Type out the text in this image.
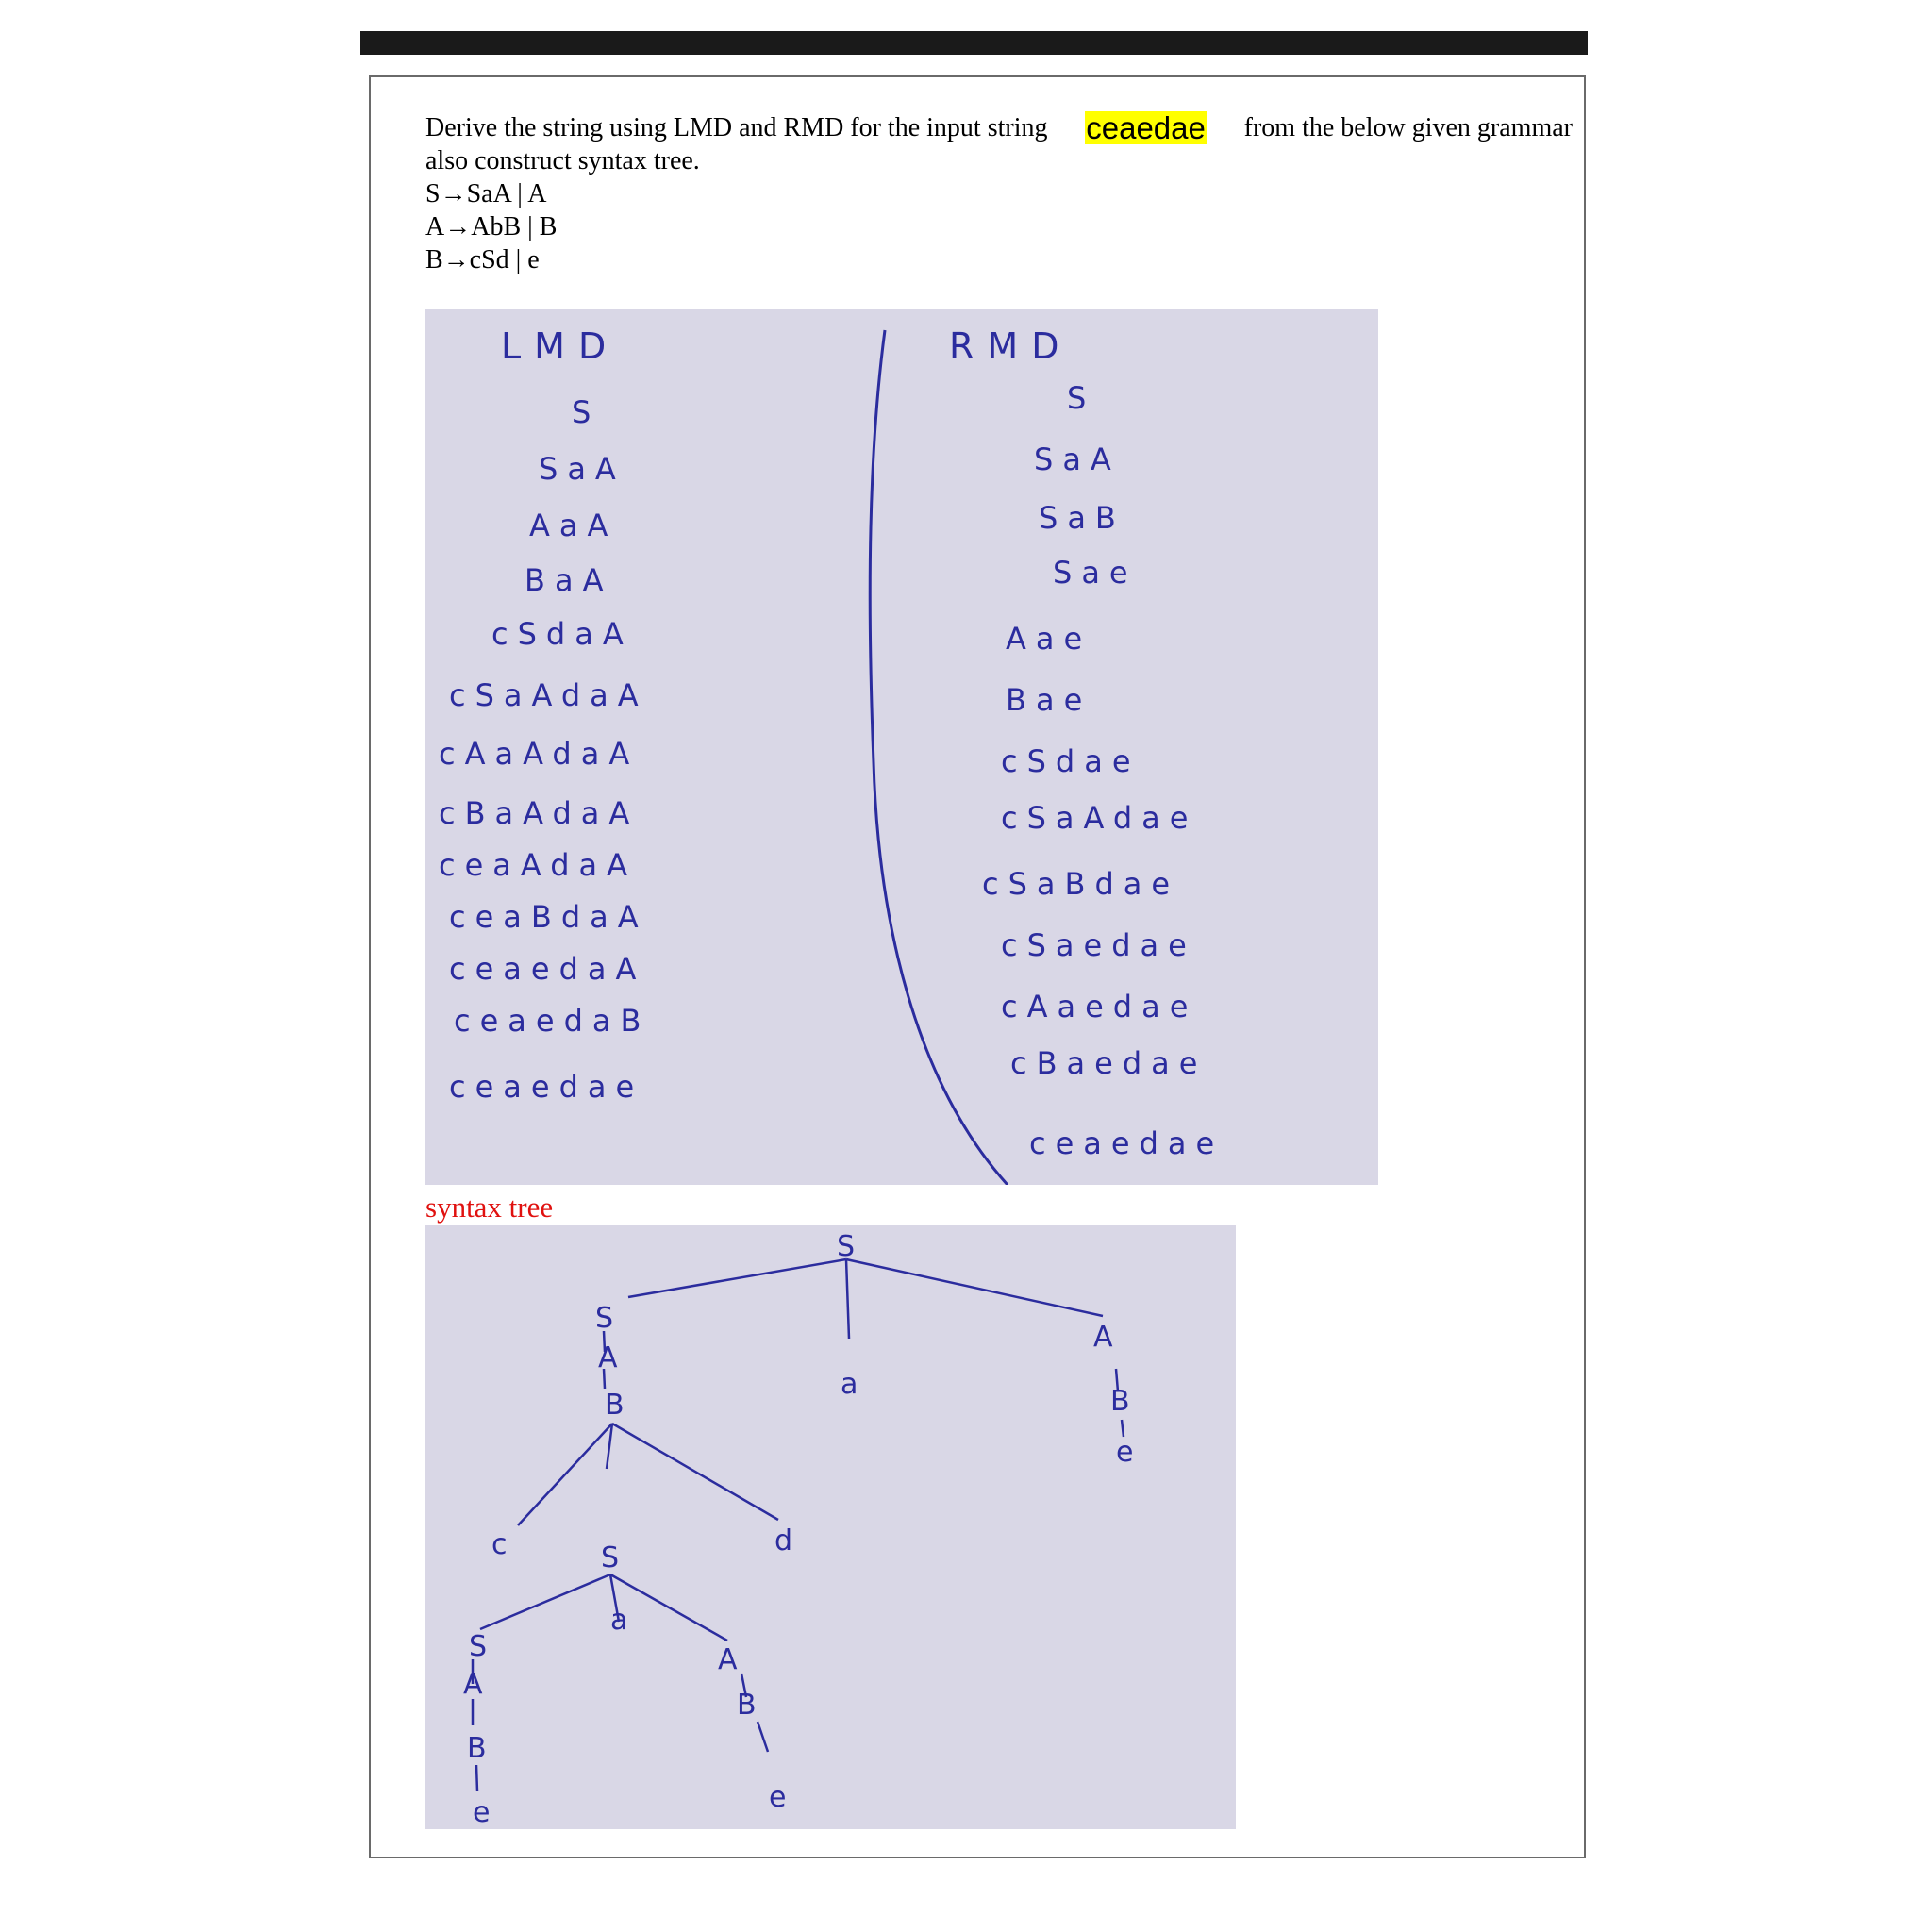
Derive the string using LMD and RMD for the input string ceaedae from the below given grammar
also construct syntax tree.
S→SaA | A
A→AbB | B
B→cSd | e
LMD	RMD
S
SaA
AaA
BaA
cSdaA
cSaAdaA
cAaAdaA
cBaAdaA
ceaAdaA
ceaBdaA
ceaedaA
ceaedaB
ceaedae
S
SaA
SaB
Sae
Aae
Bae
cSdae
cSaAdae
cSaBdae
cSaedae
cAaedae
cBaedae
ceaedae
syntax tree
S
S
a
A
A
B
B
e
c	S
d
S
a
A
A
B
B
e	e
